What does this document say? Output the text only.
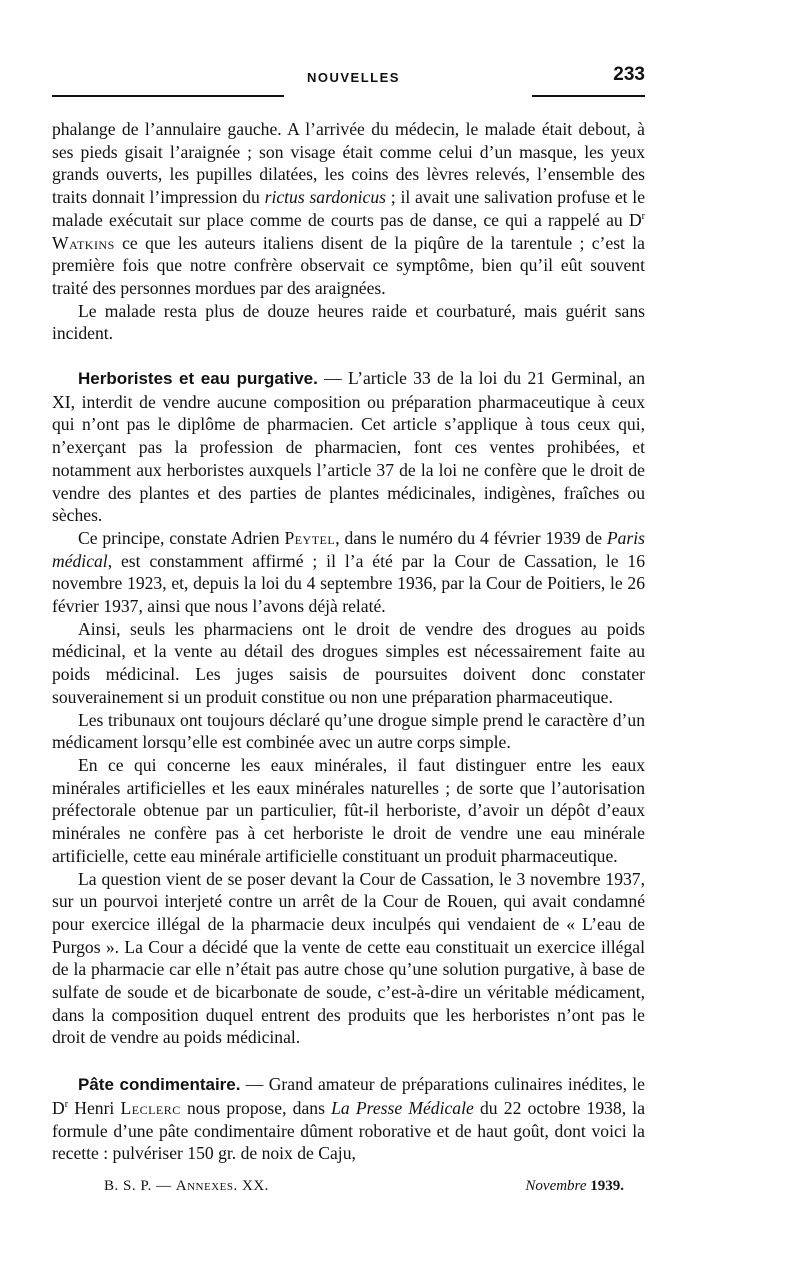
NOUVELLES	233

phalange de l’annulaire gauche. A l’arrivée du médecin, le malade était debout, à ses pieds gisait l’araignée ; son visage était comme celui d’un masque, les yeux grands ouverts, les pupilles dilatées, les coins des lèvres relevés, l’ensemble des traits donnait l’impression du rictus sardonicus ; il avait une salivation profuse et le malade exécutait sur place comme de courts pas de danse, ce qui a rappelé au $D^r$ Watkins ce que les auteurs italiens disent de la piqûre de la tarentule ; c’est la première fois que notre confrère observait ce symptôme, bien qu’il eût souvent traité des personnes mordues par des araignées.

Le malade resta plus de douze heures raide et courbaturé, mais guérit sans incident.

Herboristes et eau purgative. — L’article 33 de la loi du 21 Germinal, an XI, interdit de vendre aucune composition ou préparation pharmaceutique à ceux qui n’ont pas le diplôme de pharmacien. Cet article s’applique à tous ceux qui, n’exerçant pas la profession de pharmacien, font ces ventes prohibées, et notamment aux herboristes auxquels l’article 37 de la loi ne confère que le droit de vendre des plantes et des parties de plantes médicinales, indigènes, fraîches ou sèches.

Ce principe, constate Adrien Peytel, dans le numéro du 4 février 1939 de Paris médical, est constamment affirmé ; il l’a été par la Cour de Cassation, le 16 novembre 1923, et, depuis la loi du 4 septembre 1936, par la Cour de Poitiers, le 26 février 1937, ainsi que nous l’avons déjà relaté.

Ainsi, seuls les pharmaciens ont le droit de vendre des drogues au poids médicinal, et la vente au détail des drogues simples est nécessairement faite au poids médicinal. Les juges saisis de poursuites doivent donc constater souverainement si un produit constitue ou non une préparation pharmaceutique.

Les tribunaux ont toujours déclaré qu’une drogue simple prend le caractère d’un médicament lorsqu’elle est combinée avec un autre corps simple.

En ce qui concerne les eaux minérales, il faut distinguer entre les eaux minérales artificielles et les eaux minérales naturelles ; de sorte que l’autorisation préfectorale obtenue par un particulier, fût-il herboriste, d’avoir un dépôt d’eaux minérales ne confère pas à cet herboriste le droit de vendre une eau minérale artificielle, cette eau minérale artificielle constituant un produit pharmaceutique.

La question vient de se poser devant la Cour de Cassation, le 3 novembre 1937, sur un pourvoi interjeté contre un arrêt de la Cour de Rouen, qui avait condamné pour exercice illégal de la pharmacie deux inculpés qui vendaient de « L’eau de Purgos ». La Cour a décidé que la vente de cette eau constituait un exercice illégal de la pharmacie car elle n’était pas autre chose qu’une solution purgative, à base de sulfate de soude et de bicarbonate de soude, c’est-à-dire un véritable médicament, dans la composition duquel entrent des produits que les herboristes n’ont pas le droit de vendre au poids médicinal.

Pâte condimentaire. — Grand amateur de préparations culinaires inédites, le $D^r$ Henri Leclerc nous propose, dans La Presse Médicale du 22 octobre 1938, la formule d’une pâte condimentaire dûment roborative et de haut goût, dont voici la recette : pulvériser 150 gr. de noix de Caju,

B. S. P. — Annexes. XX.	Novembre 1939.
